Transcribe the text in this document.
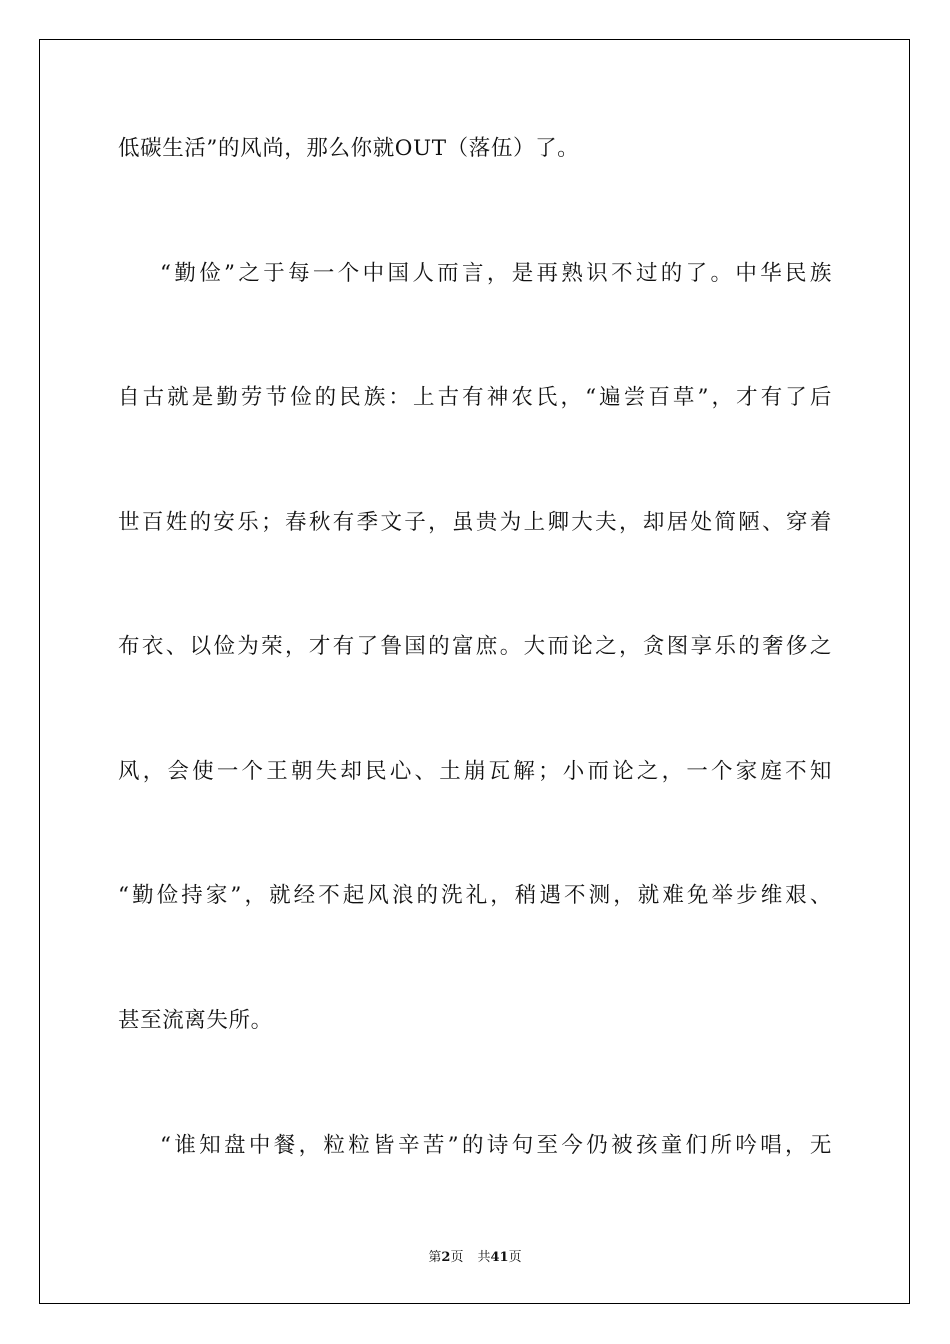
低碳生活”的风尚，那么你就OUT（落伍）了。
“勤俭”之于每一个中国人而言，是再熟识不过的了。中华民族
自古就是勤劳节俭的民族：上古有神农氏，“遍尝百草”，才有了后
世百姓的安乐；春秋有季文子，虽贵为上卿大夫，却居处简陋、穿着
布衣、以俭为荣，才有了鲁国的富庶。大而论之，贪图享乐的奢侈之
风，会使一个王朝失却民心、土崩瓦解；小而论之，一个家庭不知
“勤俭持家”，就经不起风浪的洗礼，稍遇不测，就难免举步维艰、
甚至流离失所。
“谁知盘中餐，粒粒皆辛苦”的诗句至今仍被孩童们所吟唱，无
第2页 共41页
